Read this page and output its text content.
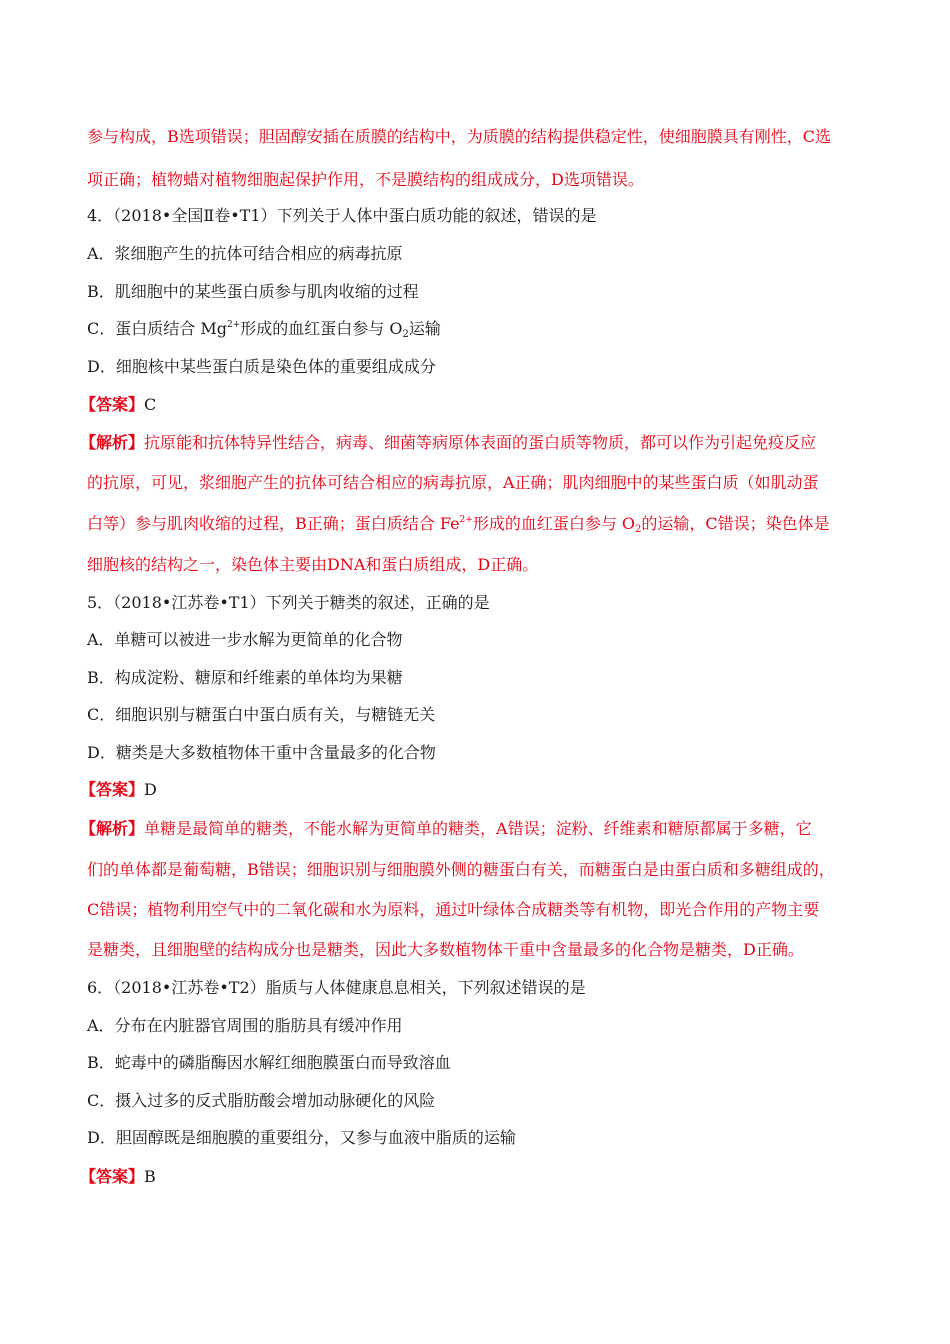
参与构成，B选项错误；胆固醇安插在质膜的结构中，为质膜的结构提供稳定性，使细胞膜具有刚性，C选
项正确；植物蜡对植物细胞起保护作用，不是膜结构的组成成分，D选项错误。
4．（2018•全国Ⅱ卷•T1）下列关于人体中蛋白质功能的叙述，错误的是
A．浆细胞产生的抗体可结合相应的病毒抗原
B．肌细胞中的某些蛋白质参与肌肉收缩的过程
C．蛋白质结合 $Mg^{2+}$形成的血红蛋白参与 $O_2$运输
D．细胞核中某些蛋白质是染色体的重要组成成分
【答案】C
【解析】抗原能和抗体特异性结合，病毒、细菌等病原体表面的蛋白质等物质，都可以作为引起免疫反应
的抗原，可见，浆细胞产生的抗体可结合相应的病毒抗原，A正确；肌肉细胞中的某些蛋白质（如肌动蛋
白等）参与肌肉收缩的过程，B正确；蛋白质结合 $Fe^{2+}$形成的血红蛋白参与 $O_2$的运输，C错误；染色体是
细胞核的结构之一，染色体主要由DNA和蛋白质组成，D正确。
5．（2018•江苏卷•T1）下列关于糖类的叙述，正确的是
A．单糖可以被进一步水解为更简单的化合物
B．构成淀粉、糖原和纤维素的单体均为果糖
C．细胞识别与糖蛋白中蛋白质有关，与糖链无关
D．糖类是大多数植物体干重中含量最多的化合物
【答案】D
【解析】单糖是最简单的糖类，不能水解为更简单的糖类，A错误；淀粉、纤维素和糖原都属于多糖，它
们的单体都是葡萄糖，B错误；细胞识别与细胞膜外侧的糖蛋白有关，而糖蛋白是由蛋白质和多糖组成的，
C错误；植物利用空气中的二氧化碳和水为原料，通过叶绿体合成糖类等有机物，即光合作用的产物主要
是糖类，且细胞壁的结构成分也是糖类，因此大多数植物体干重中含量最多的化合物是糖类，D正确。
6．（2018•江苏卷•T2）脂质与人体健康息息相关，下列叙述错误的是
A．分布在内脏器官周围的脂肪具有缓冲作用
B．蛇毒中的磷脂酶因水解红细胞膜蛋白而导致溶血
C．摄入过多的反式脂肪酸会增加动脉硬化的风险
D．胆固醇既是细胞膜的重要组分，又参与血液中脂质的运输
【答案】B
